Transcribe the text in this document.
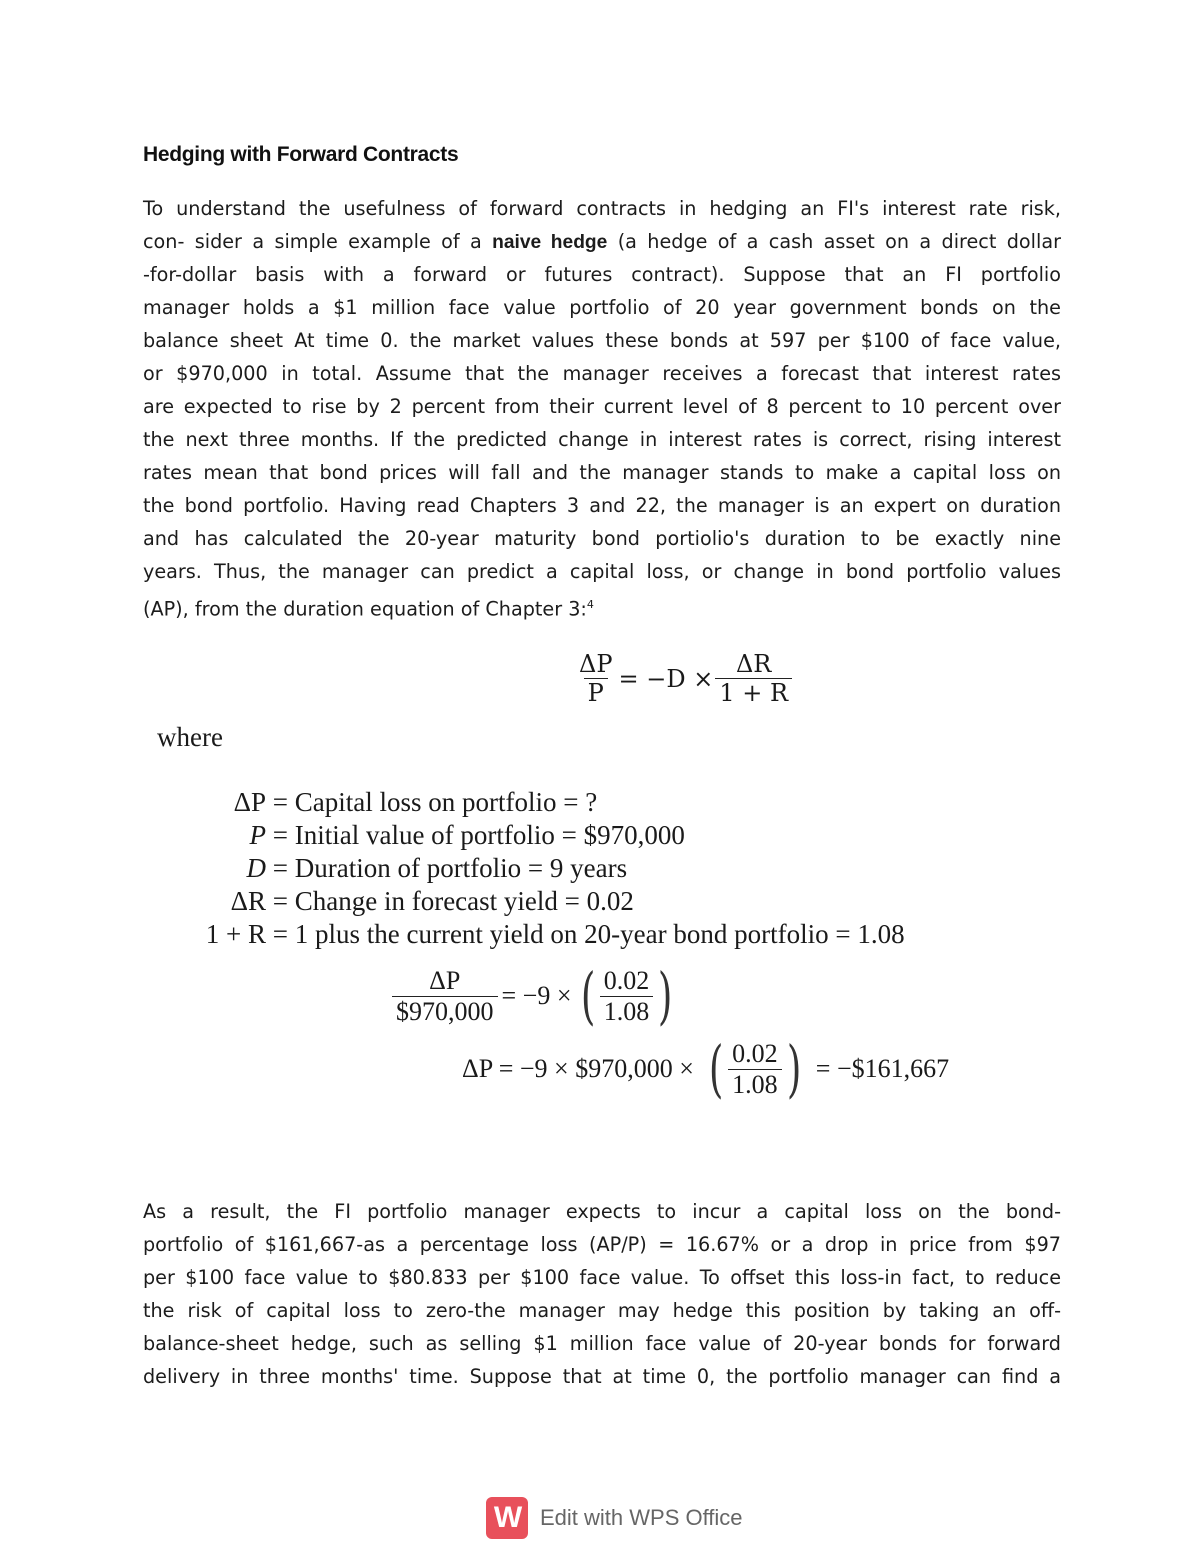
Hedging with Forward Contracts
To understand the usefulness of forward contracts in hedging an FI's interest rate risk,
con- sider a simple example of a naive hedge (a hedge of a cash asset on a direct dollar
-for-dollar basis with a forward or futures contract). Suppose that an FI portfolio
manager holds a $1 million face value portfolio of 20 year government bonds on the
balance sheet At time 0. the market values these bonds at 597 per $100 of face value,
or $970,000 in total. Assume that the manager receives a forecast that interest rates
are expected to rise by 2 percent from their current level of 8 percent to 10 percent over
the next three months. If the predicted change in interest rates is correct, rising interest
rates mean that bond prices will fall and the manager stands to make a capital loss on
the bond portfolio. Having read Chapters 3 and 22, the manager is an expert on duration
and has calculated the 20-year maturity bond portiolio's duration to be exactly nine
years. Thus, the manager can predict a capital loss, or change in bond portfolio values
(AP), from the duration equation of Chapter 3:$^4$
$\frac{\Delta P}{P} = -D \times \frac{\Delta R}{1 + R}$
where
ΔP = Capital loss on portfolio = ?
P = Initial value of portfolio = $970,000
D = Duration of portfolio = 9 years
ΔR = Change in forecast yield = 0.02
1 + R = 1 plus the current yield on 20-year bond portfolio = 1.08
$\frac{\Delta P}{\$970,000} = -9$ × ( $\frac{0.02}{1.08}$ )
ΔP = −9 × $970,000 × ( $\frac{0.02}{1.08}$ ) = −$161,667
As a result, the FI portfolio manager expects to incur a capital loss on the bond-
portfolio of $161,667-as a percentage loss (AP/P) = 16.67% or a drop in price from $97
per $100 face value to $80.833 per $100 face value. To offset this loss-in fact, to reduce
the risk of capital loss to zero-the manager may hedge this position by taking an off-
balance-sheet hedge, such as selling $1 million face value of 20-year bonds for forward
delivery in three months' time. Suppose that at time 0, the portfolio manager can find a
W Edit with WPS Office
